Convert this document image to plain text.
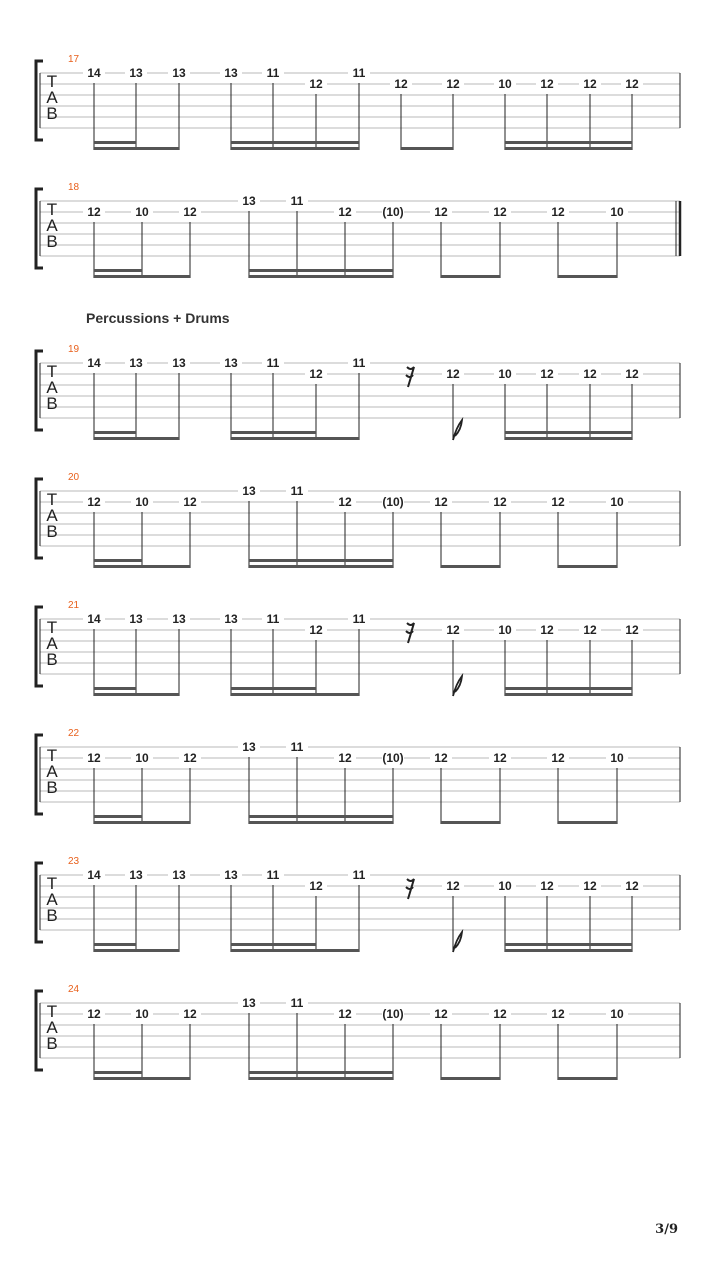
17
T
A
B
14 13 13	13 11
12
11
12	12	10 12 12 12
18
T
A
B
12	10	12
13	11
12	(10)	12	12	12	10
19
T
A
B
14 13 13	13 11
12
11
12	10 12 12 12
20
T
A
B
12	10	12
13	11
12	(10)	12	12	12	10
21
T
A
B
14 13 13	13 11
12
11
12	10 12 12 12
22
T
A
B
12	10	12
13	11
12	(10)	12	12	12	10
23
T
A
B
14 13 13	13 11
12
11
12	10 12 12 12
24
T
A
B
12	10	12
13	11
12	(10)	12	12	12	10
Percussions + Drums
3/9
